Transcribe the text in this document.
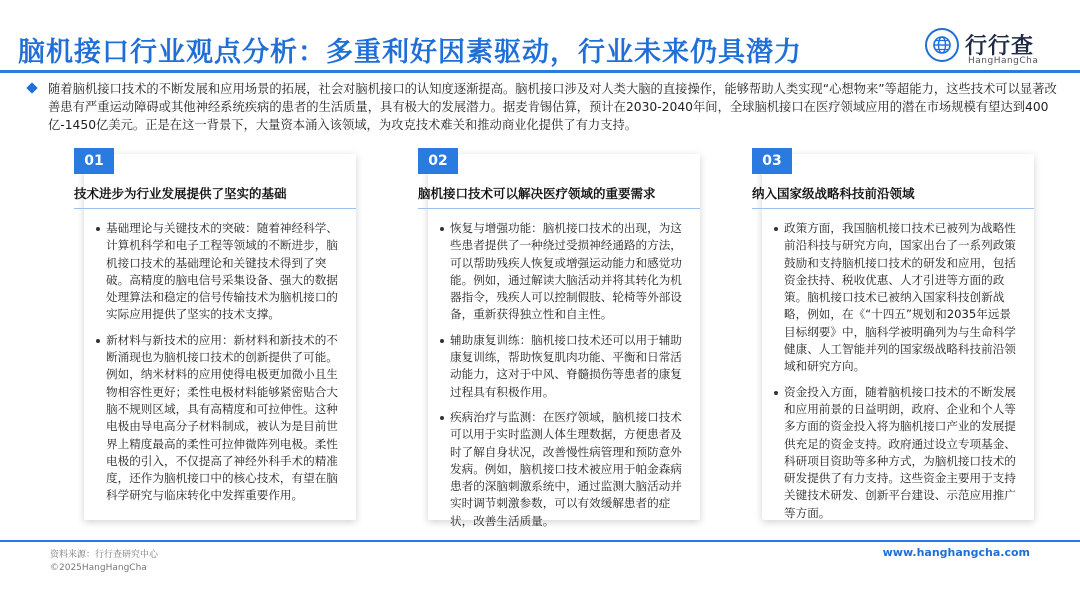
脑机接口行业观点分析：多重利好因素驱动，行业未来仍具潜力	行行查
HangHangCha
随着脑机接口技术的不断发展和应用场景的拓展，社会对脑机接口的认知度逐渐提高。脑机接口涉及对人类大脑的直接操作，能够帮助人类实现“心想物来”等超能力，这些技术可以显著改善患有严重运动障碍或其他神经系统疾病的患者的生活质量，具有极大的发展潜力。据麦肯锡估算，预计在2030-2040年间，全球脑机接口在医疗领域应用的潜在市场规模有望达到400亿-1450亿美元。正是在这一背景下，大量资本涌入该领域，为攻克技术难关和推动商业化提供了有力支持。
01
技术进步为行业发展提供了坚实的基础
基础理论与关键技术的突破：随着神经科学、计算机科学和电子工程等领域的不断进步，脑机接口技术的基础理论和关键技术得到了突破。高精度的脑电信号采集设备、强大的数据处理算法和稳定的信号传输技术为脑机接口的实际应用提供了坚实的技术支撑。
新材料与新技术的应用：新材料和新技术的不断涌现也为脑机接口技术的创新提供了可能。例如，纳米材料的应用使得电极更加微小且生物相容性更好；柔性电极材料能够紧密贴合大脑不规则区域，具有高精度和可拉伸性。这种电极由导电高分子材料制成，被认为是目前世界上精度最高的柔性可拉伸微阵列电极。柔性电极的引入，不仅提高了神经外科手术的精准度，还作为脑机接口中的核心技术，有望在脑科学研究与临床转化中发挥重要作用。
02
脑机接口技术可以解决医疗领域的重要需求
恢复与增强功能：脑机接口技术的出现，为这些患者提供了一种绕过受损神经通路的方法，可以帮助残疾人恢复或增强运动能力和感觉功能。例如，通过解读大脑活动并将其转化为机器指令，残疾人可以控制假肢、轮椅等外部设备，重新获得独立性和自主性。
辅助康复训练：脑机接口技术还可以用于辅助康复训练，帮助恢复肌肉功能、平衡和日常活动能力，这对于中风、脊髓损伤等患者的康复过程具有积极作用。
疾病治疗与监测：在医疗领域，脑机接口技术可以用于实时监测人体生理数据，方便患者及时了解自身状况，改善慢性病管理和预防意外发病。例如，脑机接口技术被应用于帕金森病患者的深脑刺激系统中，通过监测大脑活动并实时调节刺激参数，可以有效缓解患者的症状，改善生活质量。
03
纳入国家级战略科技前沿领域
政策方面，我国脑机接口技术已被列为战略性前沿科技与研究方向，国家出台了一系列政策鼓励和支持脑机接口技术的研发和应用，包括资金扶持、税收优惠、人才引进等方面的政策。脑机接口技术已被纳入国家科技创新战略，例如，在《“十四五”规划和2035年远景目标纲要》中，脑科学被明确列为与生命科学健康、人工智能并列的国家级战略科技前沿领域和研究方向。
资金投入方面，随着脑机接口技术的不断发展和应用前景的日益明朗，政府、企业和个人等多方面的资金投入将为脑机接口产业的发展提供充足的资金支持。政府通过设立专项基金、科研项目资助等多种方式，为脑机接口技术的研发提供了有力支持。这些资金主要用于支持关键技术研发、创新平台建设、示范应用推广等方面。
资料来源：行行查研究中心
©2025HangHangCha
www.hanghangcha.com
